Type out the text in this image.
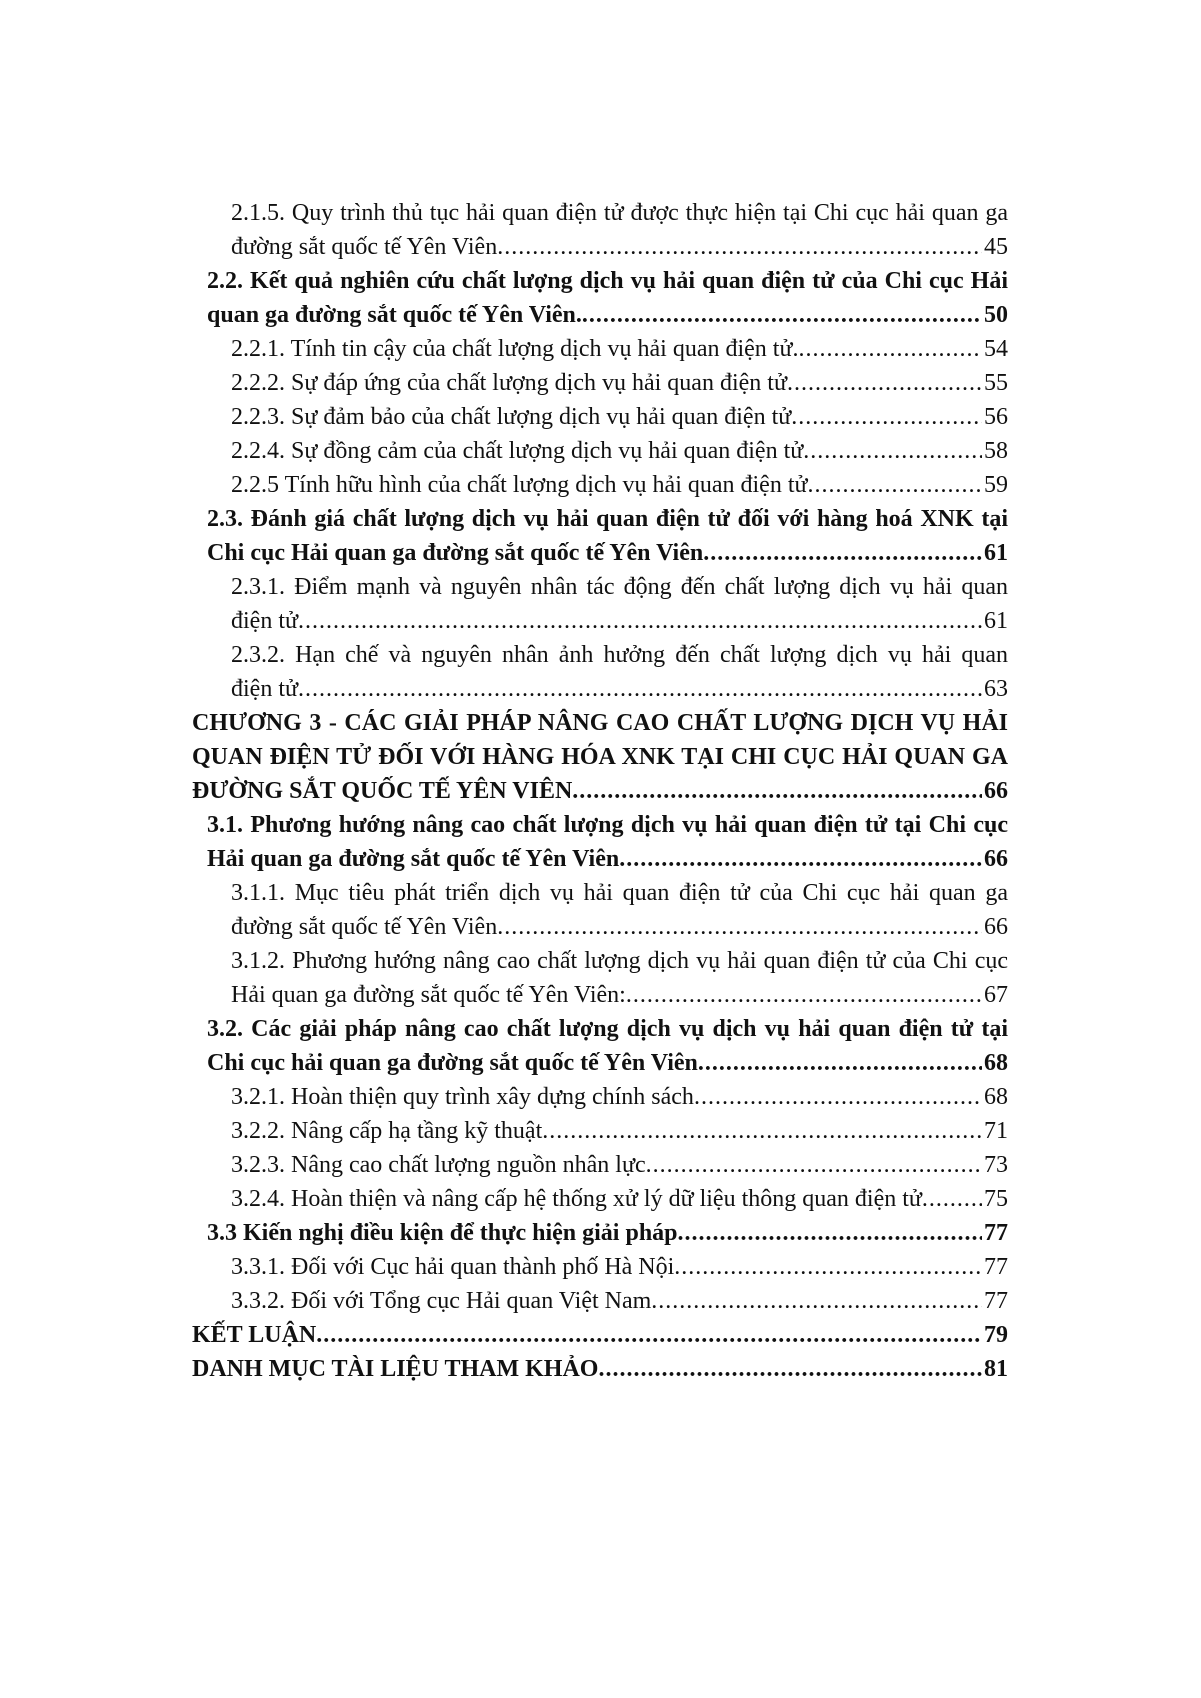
2.1.5. Quy trình thủ tục hải quan điện tử được thực hiện tại Chi cục hải quan ga
đường sắt quốc tế Yên Viên .....	45
2.2. Kết quả nghiên cứu chất lượng dịch vụ hải quan điện tử của Chi cục Hải
quan ga đường sắt quốc tế Yên Viên. .....	50
2.2.1. Tính tin cậy của chất lượng dịch vụ hải quan điện tử. .....	54
2.2.2. Sự đáp ứng của chất lượng dịch vụ hải quan điện tử .....	55
2.2.3. Sự đảm bảo của chất lượng dịch vụ hải quan điện tử .....	56
2.2.4. Sự đồng cảm của chất lượng dịch vụ hải quan điện tử .....	58
2.2.5 Tính hữu hình của chất lượng dịch vụ hải quan điện tử .....	59
2.3. Đánh giá chất lượng dịch vụ hải quan điện tử đối với hàng hoá XNK tại
Chi cục Hải quan ga đường sắt quốc tế Yên Viên .....	61
2.3.1. Điểm mạnh và nguyên nhân tác động đến chất lượng dịch vụ hải quan
điện tử .....	61
2.3.2. Hạn chế và nguyên nhân ảnh hưởng đến chất lượng dịch vụ hải quan
điện tử .....	63
CHƯƠNG 3 - CÁC GIẢI PHÁP NÂNG CAO CHẤT LƯỢNG DỊCH VỤ HẢI
QUAN ĐIỆN TỬ ĐỐI VỚI HÀNG HÓA XNK TẠI CHI CỤC HẢI QUAN GA
ĐƯỜNG SẮT QUỐC TẾ YÊN VIÊN .....	66
3.1. Phương hướng nâng cao chất lượng dịch vụ hải quan điện tử tại Chi cục
Hải quan ga đường sắt quốc tế Yên Viên .....	66
3.1.1. Mục tiêu phát triển dịch vụ hải quan điện tử của Chi cục hải quan ga
đường sắt quốc tế Yên Viên .....	66
3.1.2. Phương hướng nâng cao chất lượng dịch vụ hải quan điện tử của Chi cục
Hải quan ga đường sắt quốc tế Yên Viên: .....	67
3.2. Các giải pháp nâng cao chất lượng dịch vụ dịch vụ hải quan điện tử tại
Chi cục hải quan ga đường sắt quốc tế Yên Viên .....	68
3.2.1. Hoàn thiện quy trình xây dựng chính sách .....	68
3.2.2. Nâng cấp hạ tầng kỹ thuật .....	71
3.2.3. Nâng cao chất lượng nguồn nhân lực .....	73
3.2.4. Hoàn thiện và nâng cấp hệ thống xử lý dữ liệu thông quan điện tử .....	75
3.3 Kiến nghị điều kiện để thực hiện giải pháp .....	77
3.3.1. Đối với Cục hải quan thành phố Hà Nội .....	77
3.3.2. Đối với Tổng cục Hải quan Việt Nam .....	77
KẾT LUẬN .....	79
DANH MỤC TÀI LIỆU THAM KHẢO .....	81
